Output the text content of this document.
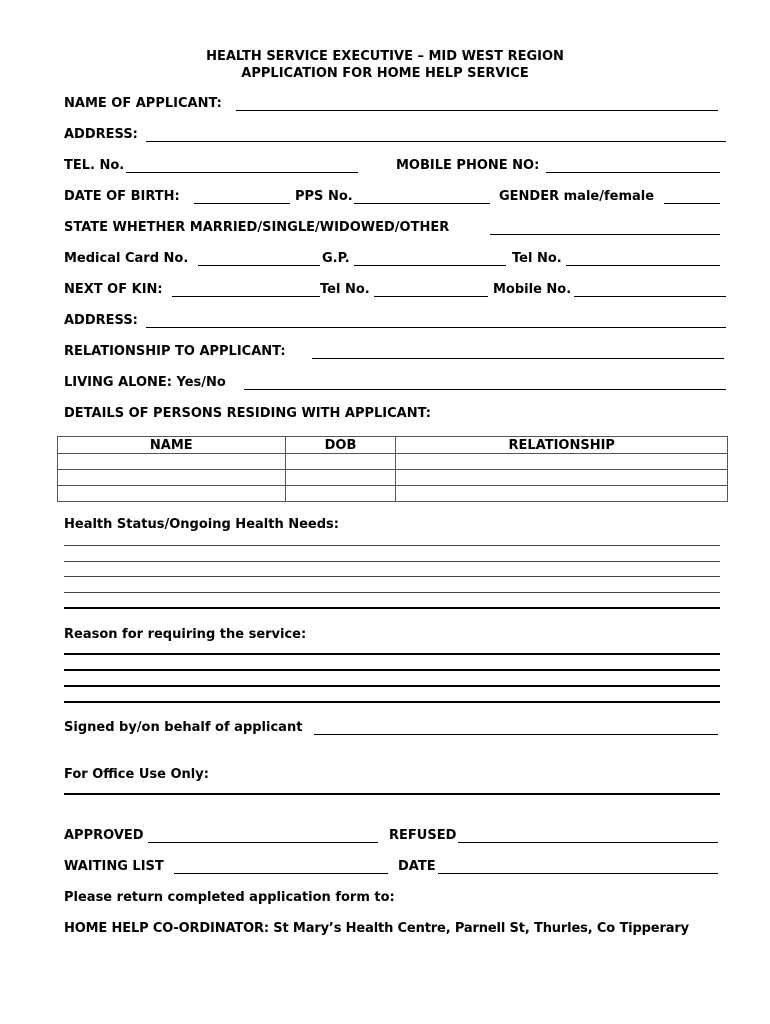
HEALTH SERVICE EXECUTIVE – MID WEST REGION
APPLICATION FOR HOME HELP SERVICE
NAME OF APPLICANT:
ADDRESS:
TEL. No.	MOBILE PHONE NO:
DATE OF BIRTH:	PPS No.	GENDER male/female
STATE WHETHER MARRIED/SINGLE/WIDOWED/OTHER
Medical Card No.	G.P.	Tel No.
NEXT OF KIN:	Tel No.	Mobile No.
ADDRESS:
RELATIONSHIP TO APPLICANT:
LIVING ALONE: Yes/No
DETAILS OF PERSONS RESIDING WITH APPLICANT:
NAME	DOB	RELATIONSHIP

Health Status/Ongoing Health Needs:
Reason for requiring the service:
Signed by/on behalf of applicant
For Office Use Only:
APPROVED	REFUSED
WAITING LIST	DATE
Please return completed application form to:
HOME HELP CO-ORDINATOR: St Mary’s Health Centre, Parnell St, Thurles, Co Tipperary
